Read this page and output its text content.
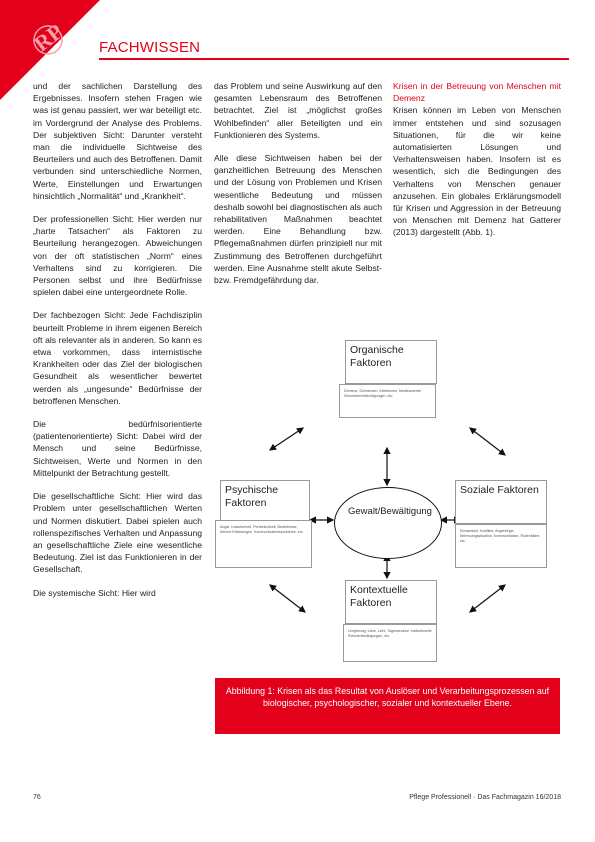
RP FACHWISSEN

und der sachlichen Darstellung des Ergebnisses. Insofern stehen Fragen wie was ist genau passiert, wer war beteiligt etc. im Vordergrund der Analyse des Problems. Der subjektiven Sicht: Darunter versteht man die individuelle Sichtweise des Beurteilers und auch des Betroffenen. Damit verbunden sind unterschiedliche Normen, Werte, Einstellungen und Erwartungen hinsichtlich „Normalität“ und „Krankheit“.

Der professionellen Sicht: Hier werden nur „harte Tatsachen“ als Faktoren zu Beurteilung herangezogen. Abweichungen von der oft statistischen „Norm“ eines Verhaltens sind zu korrigieren. Die Personen selbst und ihre Bedürfnisse spielen dabei eine untergeordnete Rolle.

Der fachbezogen Sicht: Jede Fachdisziplin beurteilt Probleme in ihrem eigenen Bereich oft als relevanter als in anderen. So kann es etwa vorkommen, dass internistische Krankheiten oder das Ziel der biologischen Gesundheit als wesentlicher bewertet werden als „ungesunde“ Bedürfnisse der betroffenen Menschen.

Die bedürfnisorientierte (patientenorientierte) Sicht: Dabei wird der Mensch und seine Bedürfnisse, Sichtweisen, Werte und Normen in den Mittelpunkt der Betrachtung gestellt.

Die gesellschaftliche Sicht: Hier wird das Problem unter gesellschaftlichen Werten und Normen diskutiert. Dabei spielen auch rollenspezifisches Verhalten und Anpassung an gesellschaftliche Ziele eine wesentliche Bedeutung. Ziel ist das Funktionieren in der Gesellschaft.

Die systemische Sicht: Hier wird

das Problem und seine Auswirkung auf den gesamten Lebensraum des Betroffenen betrachtet. Ziel ist „möglichst großes Wohlbefinden“ aller Beteiligten und ein Funktionieren des Systems.

Alle diese Sichtweisen haben bei der ganzheitlichen Betreuung des Menschen und der Lösung von Problemen und Krisen wesentliche Bedeutung und müssen deshalb sowohl bei diagnostischen als auch rehabilitativen Maßnahmen beachtet werden. Eine Behandlung bzw. Pflegemaßnahmen dürfen prinzipiell nur mit Zustimmung des Betroffenen durchgeführt werden. Eine Ausnahme stellt akute Selbst- bzw. Fremdgefährdung dar.

Krisen in der Betreuung von Menschen mit Demenz

Krisen können im Leben von Menschen immer entstehen und sind sozusagen Situationen, für die wir keine automatisierten Lösungen und Verhaltensweisen haben. Insofern ist es wesentlich, sich die Bedingungen des Verhaltens von Menschen genauer anzusehen. Ein globales Erklärungsmodell für Krisen und Aggression in der Betreuung von Menschen mit Demenz hat Gatterer (2013) dargestellt (Abb. 1).

Organische Faktoren
Demenz, Schmerzen, Infektionen, Medikamente, Sinnesbeeinträchtigungen, etc.
Psychische Faktoren
Angst, Unsicherheit, Persönlichkeit, Bedürfnisse, frühere Erfahrungen, Kommunikationsprobleme, etc.
Gewalt/Bewältigung
Soziale Faktoren
Einsamkeit, Konflikte, Angehörige, Betreuungssituation, Kommunikation, Rollenbilder, etc.
Kontextuelle Faktoren
Umgebung, Lärm, Licht, Tagesstruktur, Institutionelle Rahmenbedingungen, etc.
Abbildung 1: Krisen als das Resultat von Auslöser und Verarbeitungsprozessen auf biologischer, psychologischer, sozialer und kontextueller Ebene.
76	Pflege Professionell · Das Fachmagazin 16/2018
